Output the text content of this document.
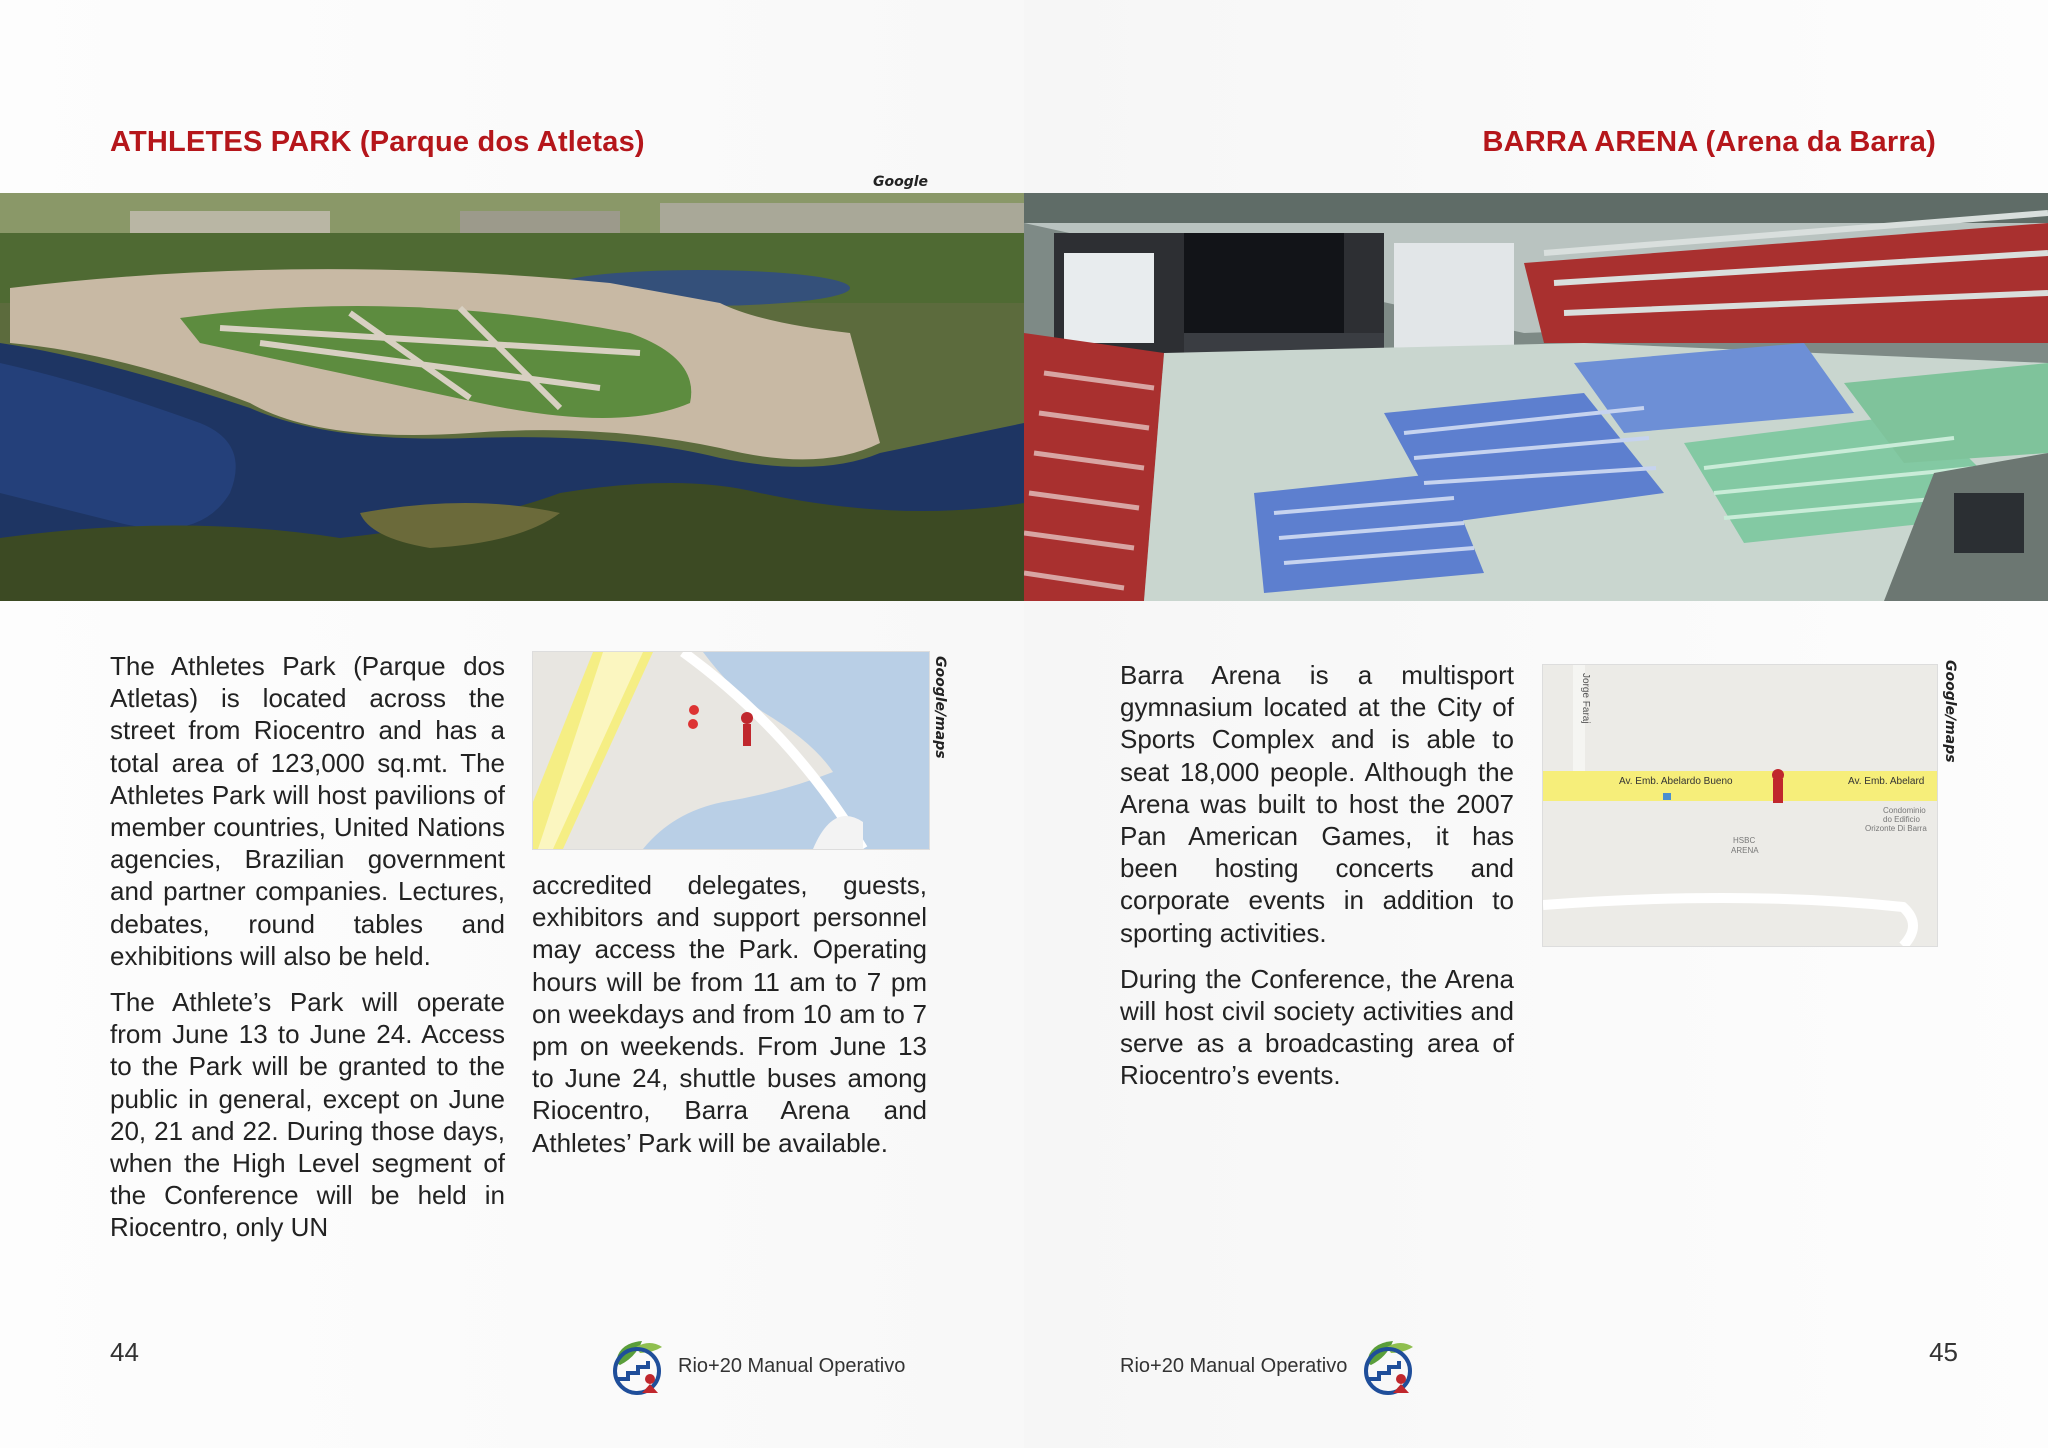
ATHLETES PARK (Parque dos Atletas)
Google

The Athletes Park (Parque dos Atletas) is located across the street from Riocentro and has a total area of 123,000 sq.mt. The Athletes Park will host pavilions of member countries, United Nations agencies, Brazilian government and partner companies. Lectures, debates, round tables and exhibitions will also be held.

The Athlete’s Park will operate from June 13 to June 24. Access to the Park will be granted to the public in general, except on June 20, 21 and 22. During those days, when the High Level segment of the Conference will be held in Riocentro, only UN

Google/maps

accredited delegates, guests, exhibitors and support personnel may access the Park. Operating hours will be from 11 am to 7 pm on weekdays and from 10 am to 7 pm on weekends. From June 13 to June 24, shuttle buses among Riocentro, Barra Arena and Athletes’ Park will be available.

44	Rio+20 Manual Operativo
BARRA ARENA (Arena da Barra)

Barra Arena is a multisport gymnasium located at the City of Sports Complex and is able to seat 18,000 people. Although the Arena was built to host the 2007 Pan American Games, it has been hosting concerts and corporate events in addition to sporting activities.

During the Conference, the Arena will host civil society activities and serve as a broadcasting area of Riocentro’s events.

Jorge Faraj
Av. Emb. Abelardo Bueno	Av. Emb. Abelard
HSBC
ARENA
Condominio
do Edificio
Orizonte Di Barra
Google/maps
45
Rio+20 Manual Operativo
